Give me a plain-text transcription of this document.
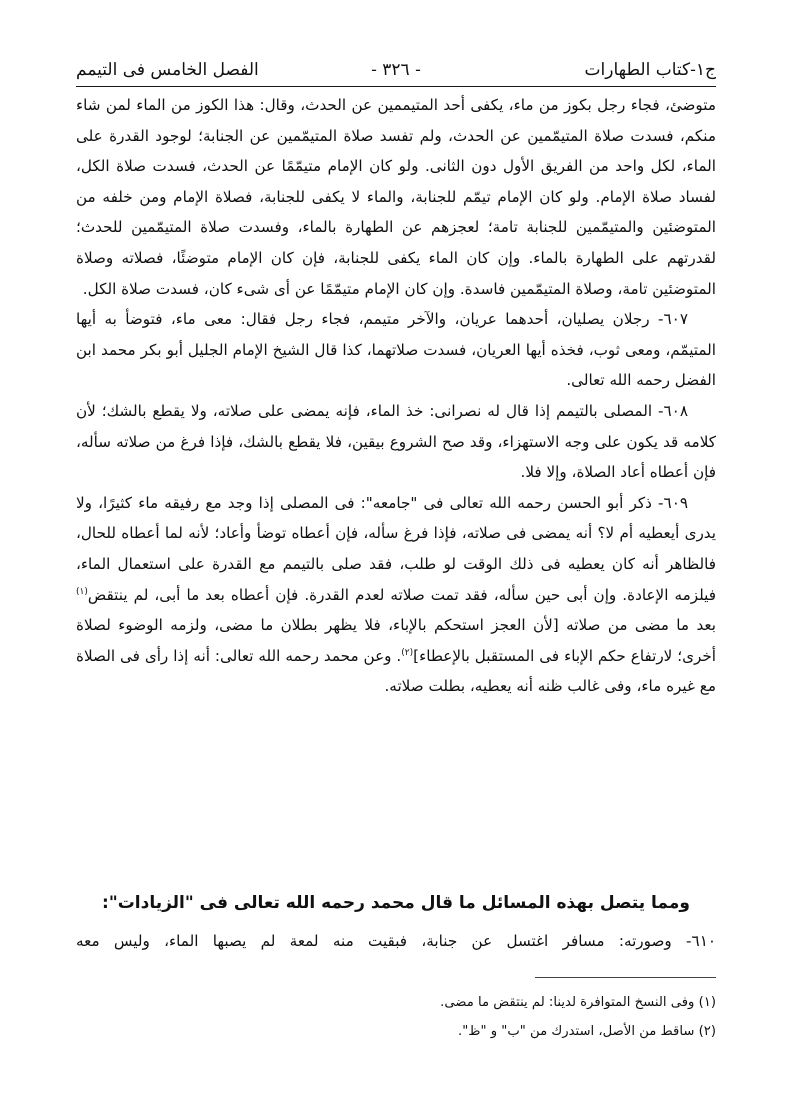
ج١-كتاب الطهارات
- ٣٢٦ -
الفصل الخامس فى التيمم

متوضئ، فجاء رجل بكوز من ماء، يكفى أحد المتيممين عن الحدث، وقال: هذا الكوز من الماء لمن شاء منكم، فسدت صلاة المتيمّمين عن الحدث، ولم تفسد صلاة المتيمّمين عن الجنابة؛ لوجود القدرة على الماء، لكل واحد من الفريق الأول دون الثانى. ولو كان الإمام متيمّمًا عن الحدث، فسدت صلاة الكل، لفساد صلاة الإمام. ولو كان الإمام تيمّم للجنابة، والماء لا يكفى للجنابة، فصلاة الإمام ومن خلفه من المتوضئين والمتيمّمين للجنابة تامة؛ لعجزهم عن الطهارة بالماء، وفسدت صلاة المتيمّمين للحدث؛ لقدرتهم على الطهارة بالماء. وإن كان الماء يكفى للجنابة، فإن كان الإمام متوضئًا، فصلاته وصلاة المتوضئين تامة، وصلاة المتيمّمين فاسدة. وإن كان الإمام متيمّمًا عن أى شىء كان، فسدت صلاة الكل.

٦٠٧- رجلان يصليان، أحدهما عريان، والآخر متيمم، فجاء رجل فقال: معى ماء، فتوضأ به أيها المتيمّم، ومعى ثوب، فخذه أيها العريان، فسدت صلاتهما، كذا قال الشيخ الإمام الجليل أبو بكر محمد ابن الفضل رحمه الله تعالى.

٦٠٨- المصلى بالتيمم إذا قال له نصرانى: خذ الماء، فإنه يمضى على صلاته، ولا يقطع بالشك؛ لأن كلامه قد يكون على وجه الاستهزاء، وقد صح الشروع بيقين، فلا يقطع بالشك، فإذا فرغ من صلاته سأله، فإن أعطاه أعاد الصلاة، وإلا فلا.

٦٠٩- ذكر أبو الحسن رحمه الله تعالى فى "جامعه": فى المصلى إذا وجد مع رفيقه ماء كثيرًا، ولا يدرى أيعطيه أم لا؟ أنه يمضى فى صلاته، فإذا فرغ سأله، فإن أعطاه توضأ وأعاد؛ لأنه لما أعطاه للحال، فالظاهر أنه كان يعطيه فى ذلك الوقت لو طلب، فقد صلى بالتيمم مع القدرة على استعمال الماء، فيلزمه الإعادة. وإن أبى حين سأله، فقد تمت صلاته لعدم القدرة. فإن أعطاه بعد ما أبى، لم ينتقض$^{(١)}$ بعد ما مضى من صلاته [لأن العجز استحكم بالإباء، فلا يظهر بطلان ما مضى، ولزمه الوضوء لصلاة أخرى؛ لارتفاع حكم الإباء فى المستقبل بالإعطاء]$^{(٢)}$. وعن محمد رحمه الله تعالى: أنه إذا رأى فى الصلاة مع غيره ماء، وفى غالب ظنه أنه يعطيه، بطلت صلاته.

ومما يتصل بهذه المسائل ما قال محمد رحمه الله تعالى فى "الزيادات":
٦١٠- وصورته: مسافر اغتسل عن جنابة، فبقيت منه لمعة لم يصبها الماء، وليس معه

(١) وفى النسخ المتوافرة لدينا: لم ينتقض ما مضى.

(٢) ساقط من الأصل، استدرك من "ب" و "ظ".
